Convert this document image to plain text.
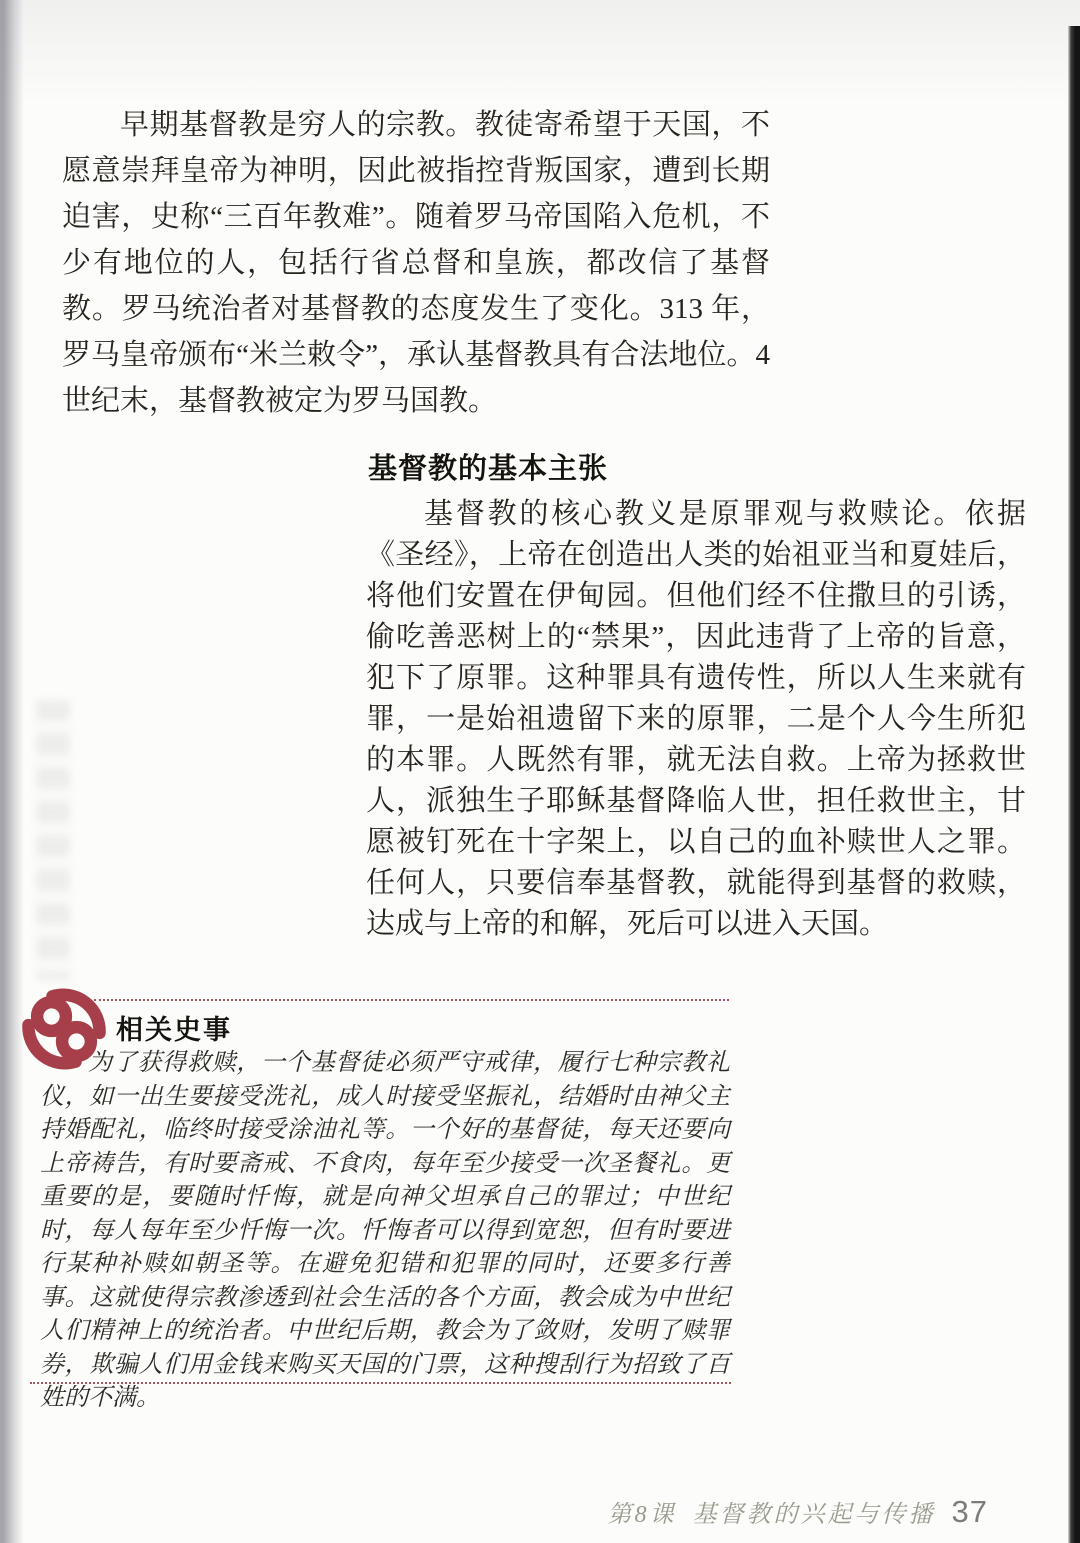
早期基督教是穷人的宗教。教徒寄希望于天国，不愿意崇拜皇帝为神明，因此被指控背叛国家，遭到长期迫害，史称“三百年教难”。随着罗马帝国陷入危机，不少有地位的人，包括行省总督和皇族，都改信了基督教。罗马统治者对基督教的态度发生了变化。313 年，罗马皇帝颁布“米兰敕令”，承认基督教具有合法地位。4 世纪末，基督教被定为罗马国教。

基督教的基本主张

基督教的核心教义是原罪观与救赎论。依据《圣经》，上帝在创造出人类的始祖亚当和夏娃后，将他们安置在伊甸园。但他们经不住撒旦的引诱，偷吃善恶树上的“禁果”，因此违背了上帝的旨意，犯下了原罪。这种罪具有遗传性，所以人生来就有罪，一是始祖遗留下来的原罪，二是个人今生所犯的本罪。人既然有罪，就无法自救。上帝为拯救世人，派独生子耶稣基督降临人世，担任救世主，甘愿被钉死在十字架上，以自己的血补赎世人之罪。任何人，只要信奉基督教，就能得到基督的救赎，达成与上帝的和解，死后可以进入天国。

相关史事

为了获得救赎，一个基督徒必须严守戒律，履行七种宗教礼仪，如一出生要接受洗礼，成人时接受坚振礼，结婚时由神父主持婚配礼，临终时接受涂油礼等。一个好的基督徒，每天还要向上帝祷告，有时要斋戒、不食肉，每年至少接受一次圣餐礼。更重要的是，要随时忏悔，就是向神父坦承自己的罪过；中世纪时，每人每年至少忏悔一次。忏悔者可以得到宽恕，但有时要进行某种补赎如朝圣等。在避免犯错和犯罪的同时，还要多行善事。这就使得宗教渗透到社会生活的各个方面，教会成为中世纪人们精神上的统治者。中世纪后期，教会为了敛财，发明了赎罪券，欺骗人们用金钱来购买天国的门票，这种搜刮行为招致了百姓的不满。

第8课 基督教的兴起与传播 37
